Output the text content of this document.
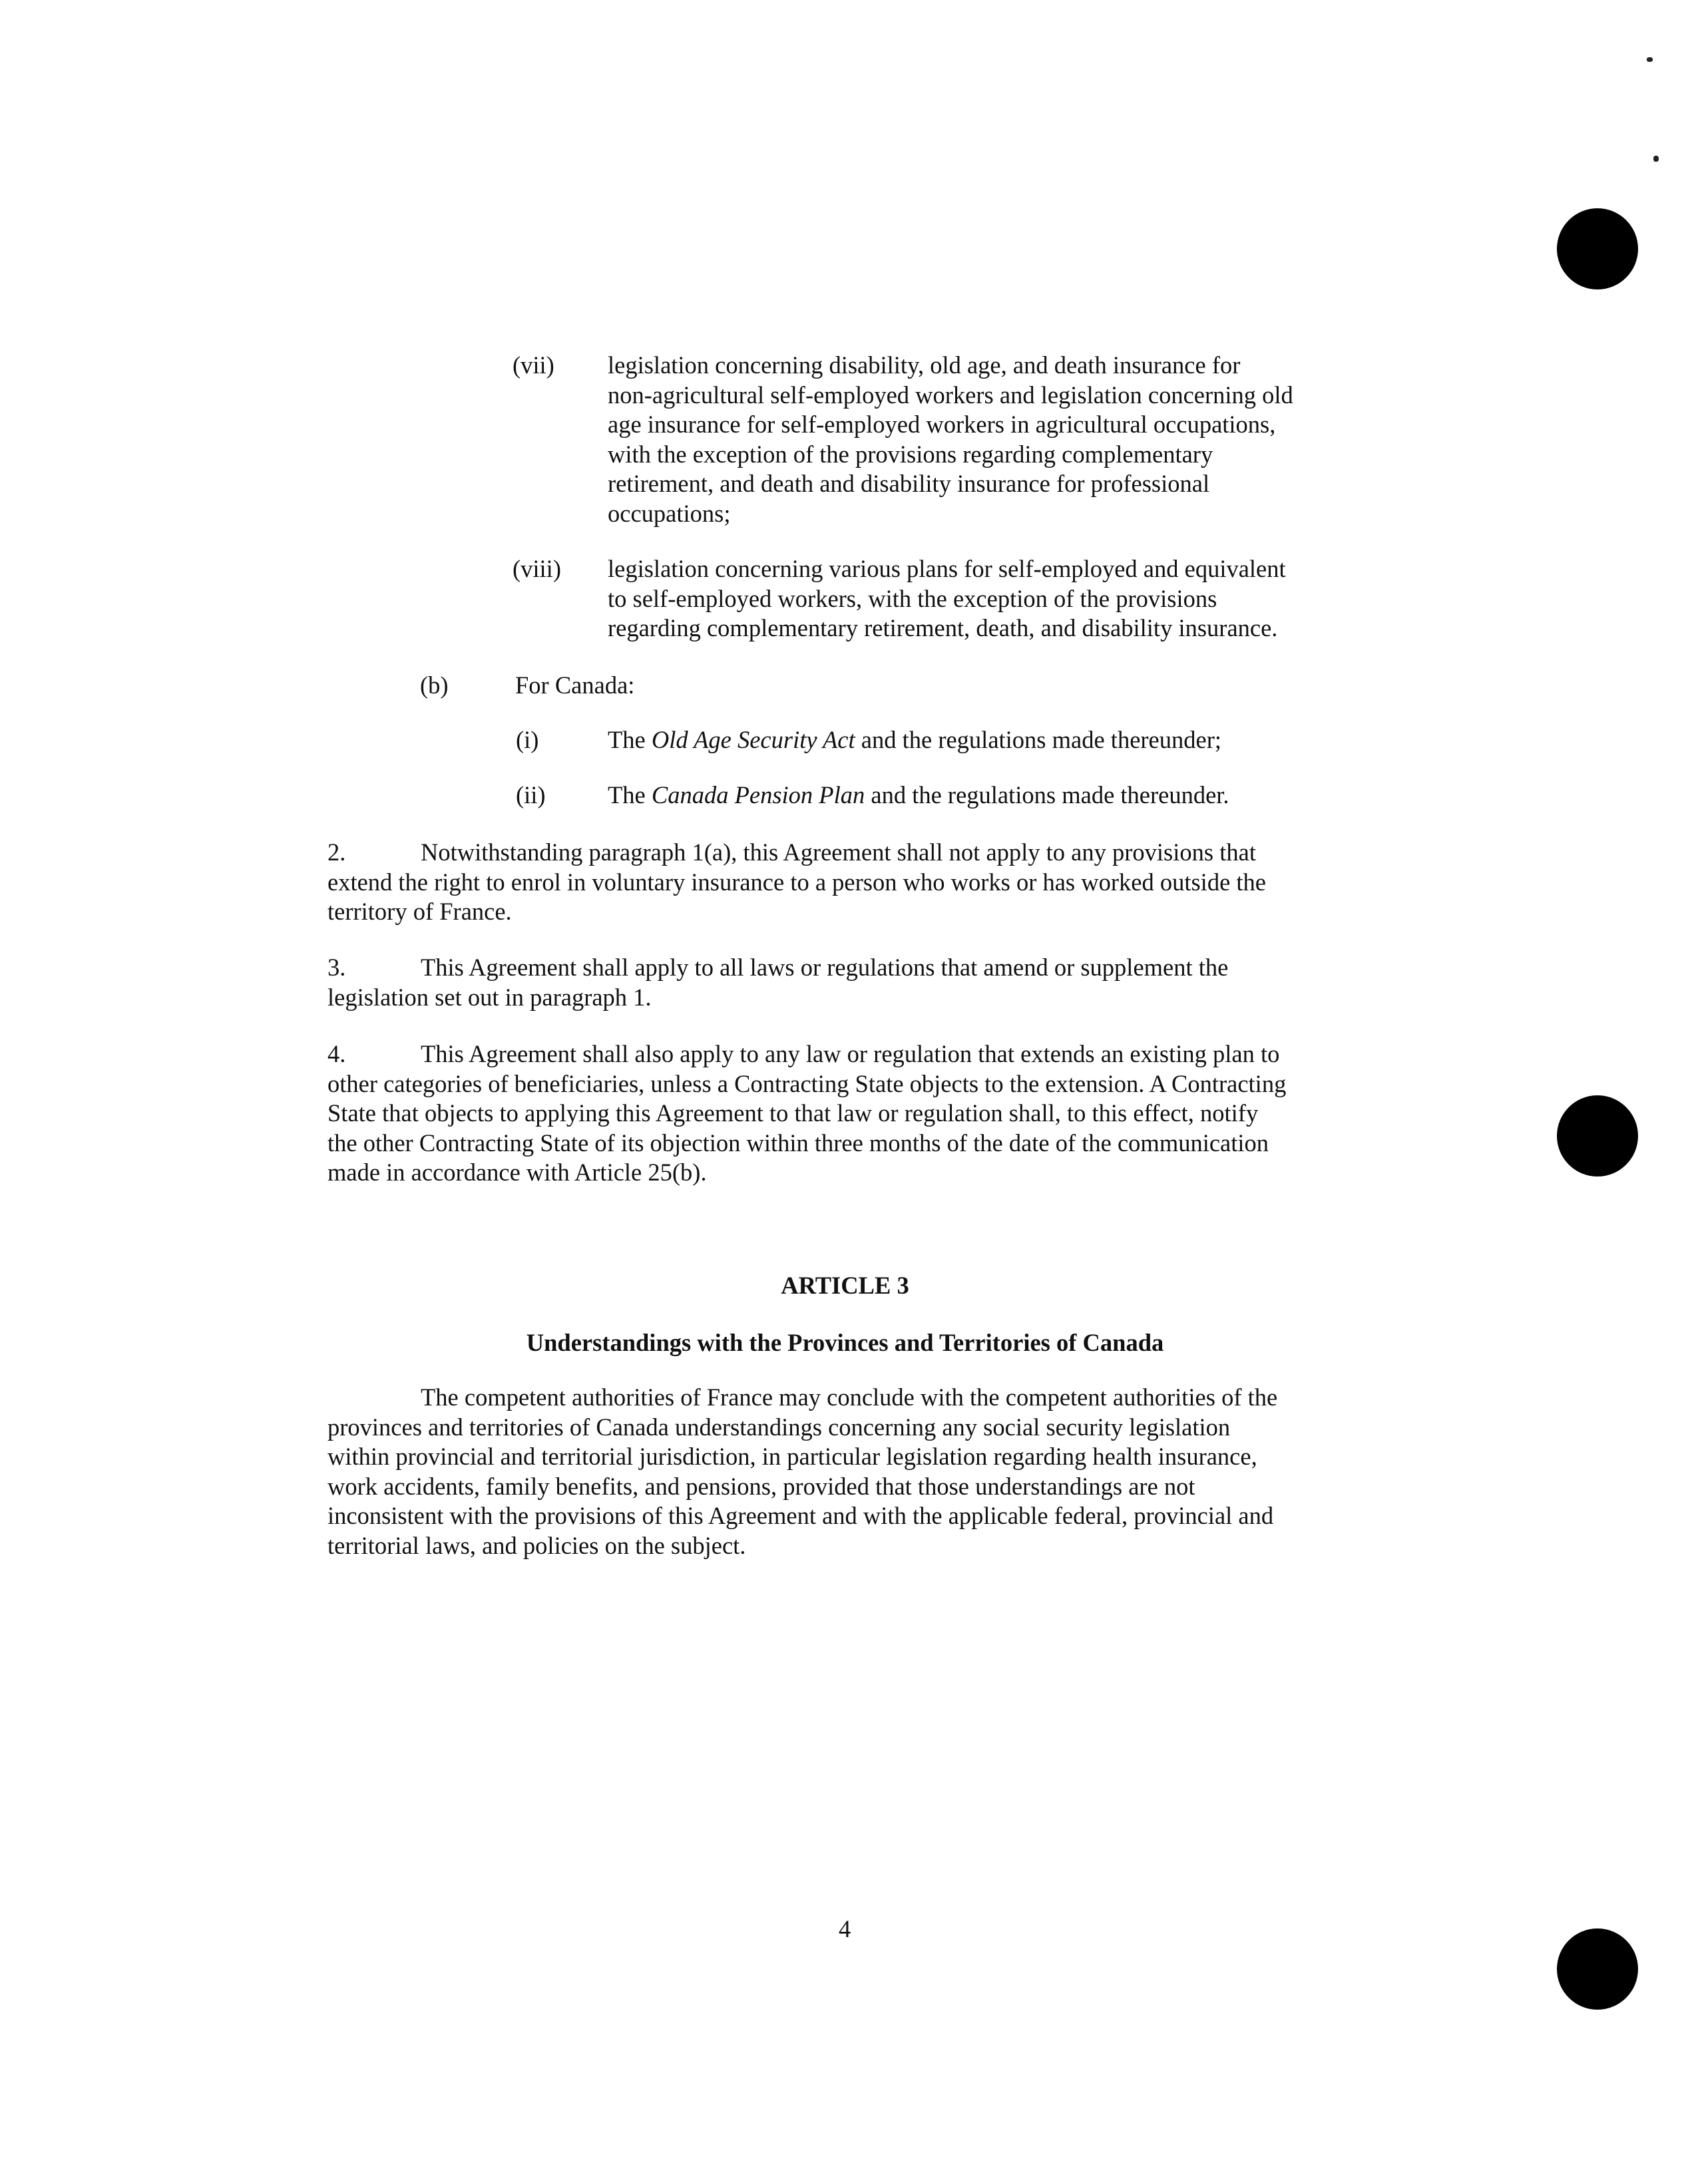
(vii) legislation concerning disability, old age, and death insurance for
non-agricultural self-employed workers and legislation concerning old
age insurance for self-employed workers in agricultural occupations,
with the exception of the provisions regarding complementary
retirement, and death and disability insurance for professional
occupations;
(viii) legislation concerning various plans for self-employed and equivalent
to self-employed workers, with the exception of the provisions
regarding complementary retirement, death, and disability insurance.
(b)	For Canada:
(i)	The Old Age Security Act and the regulations made thereunder;
(ii)	The Canada Pension Plan and the regulations made thereunder.
2.	Notwithstanding paragraph 1(a), this Agreement shall not apply to any provisions that
extend the right to enrol in voluntary insurance to a person who works or has worked outside the
territory of France.
3.	This Agreement shall apply to all laws or regulations that amend or supplement the
legislation set out in paragraph 1.
4.	This Agreement shall also apply to any law or regulation that extends an existing plan to
other categories of beneficiaries, unless a Contracting State objects to the extension. A Contracting
State that objects to applying this Agreement to that law or regulation shall, to this effect, notify
the other Contracting State of its objection within three months of the date of the communication
made in accordance with Article 25(b).
ARTICLE 3
Understandings with the Provinces and Territories of Canada
The competent authorities of France may conclude with the competent authorities of the
provinces and territories of Canada understandings concerning any social security legislation
within provincial and territorial jurisdiction, in particular legislation regarding health insurance,
work accidents, family benefits, and pensions, provided that those understandings are not
inconsistent with the provisions of this Agreement and with the applicable federal, provincial and
territorial laws, and policies on the subject.
4
